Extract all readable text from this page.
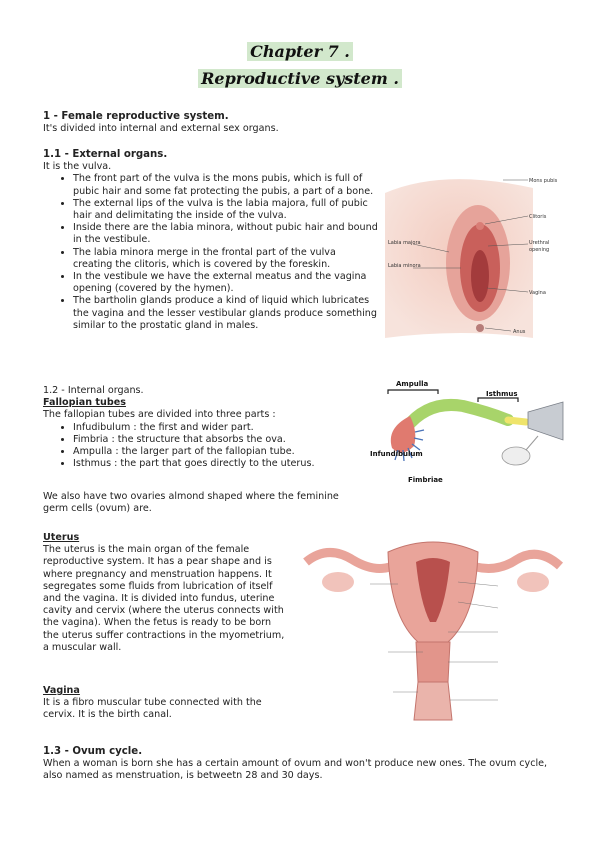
Chapter 7 .
Reproductive system .
1 - Female reproductive system.
It's divided into internal and external sex organs.
1.1 - External organs.
It is the vulva.
• The front part of the vulva is the mons pubis, which is full of pubic hair and some fat protecting the pubis, a part of a bone.
• The external lips of the vulva is the labia majora, full of pubic hair and delimitating the inside of the vulva.
• Inside there are the labia minora, without pubic hair and bound in the vestibule.
• The labia minora merge in the frontal part of the vulva creating the clitoris, which is covered by the foreskin.
• In the vestibule we have the external meatus and the vagina opening (covered by the hymen).
• The bartholin glands produce a kind of liquid which lubricates the vagina and the lesser vestibular glands produce something similar to the prostatic gland in males.
1.2 - Internal organs.
Fallopian tubes
The fallopian tubes are divided into three parts :
• Infudibulum : the first and wider part.
• Fimbria : the structure that absorbs the ova.
• Ampulla : the larger part of the fallopian tube.
• Isthmus : the part that goes directly to the uterus.
We also have two ovaries almond shaped where the feminine germ cells (ovum) are.
Uterus
The uterus is the main organ of the female reproductive system. It has a pear shape and is where pregnancy and menstruation happens. It segregates some fluids from lubrication of itself and the vagina. It is divided into fundus, uterine cavity and cervix (where the uterus connects with the vagina). When the fetus is ready to be born the uterus suffer contractions in the myometrium, a muscular wall.
Vagina
It is a fibro muscular tube connected with the cervix. It is the birth canal.
1.3 - Ovum cycle.
When a woman is born she has a certain amount of ovum and won't produce new ones. The ovum cycle, also named as menstruation, is betweetn 28 and 30 days.
Mons pubis
Clitoris
Labia majora	Urethral
opening
Labia minora
Vagina
Anus
Ampulla
Isthmus
Infundibulum
Fimbriae
